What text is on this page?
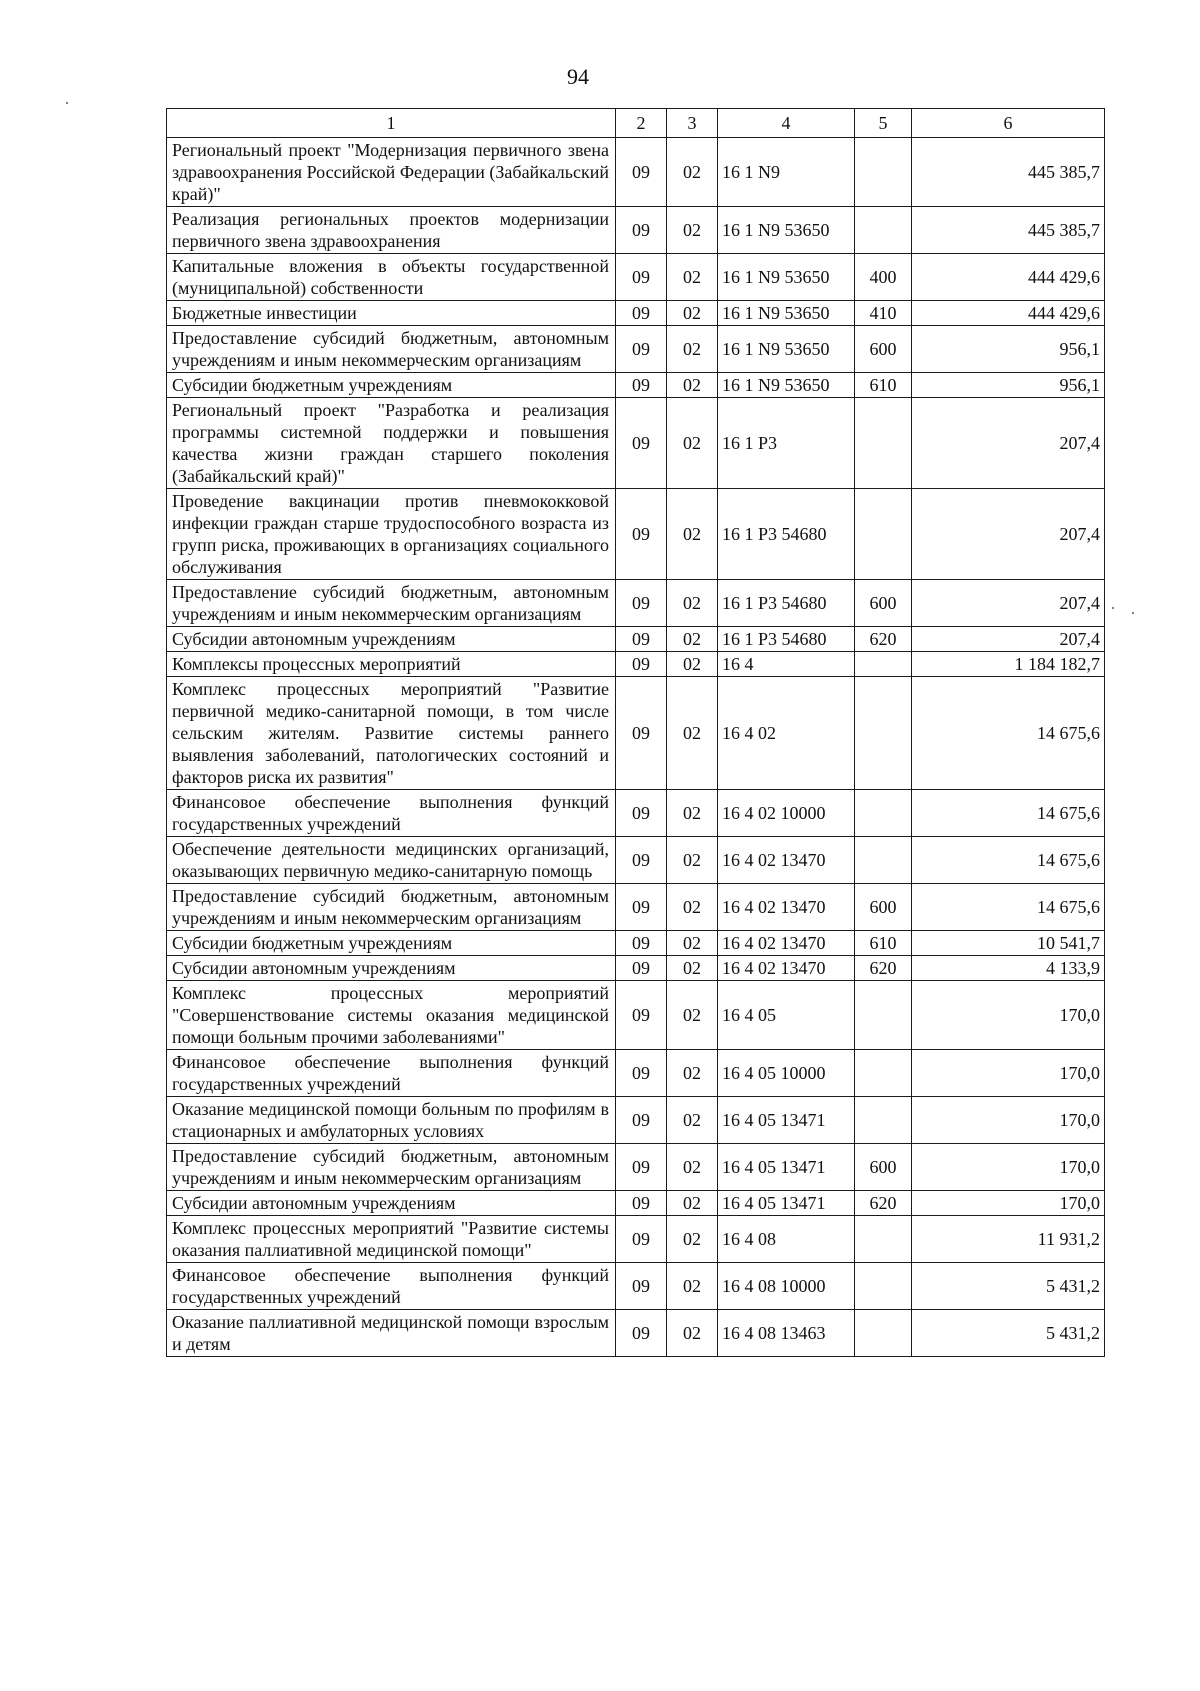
94
1	2	3	4	5	6
Региональный проект "Модернизация первичного звена здравоохранения Российской Федерации (Забайкальский край)"	09	02	16 1 N9		445 385,7
Реализация региональных проектов модернизации первичного звена здравоохранения	09	02	16 1 N9 53650		445 385,7
Капитальные вложения в объекты государственной (муниципальной) собственности	09	02	16 1 N9 53650	400	444 429,6
Бюджетные инвестиции	09	02	16 1 N9 53650	410	444 429,6
Предоставление субсидий бюджетным, автономным учреждениям и иным некоммерческим организациям	09	02	16 1 N9 53650	600	956,1
Субсидии бюджетным учреждениям	09	02	16 1 N9 53650	610	956,1
Региональный проект "Разработка и реализация программы системной поддержки и повышения качества жизни граждан старшего поколения (Забайкальский край)"	09	02	16 1 P3		207,4
Проведение вакцинации против пневмококковой инфекции граждан старше трудоспособного возраста из групп риска, проживающих в организациях социального обслуживания	09	02	16 1 P3 54680		207,4
Предоставление субсидий бюджетным, автономным учреждениям и иным некоммерческим организациям	09	02	16 1 P3 54680	600	207,4
Субсидии автономным учреждениям	09	02	16 1 P3 54680	620	207,4
Комплексы процессных мероприятий	09	02	16 4		1 184 182,7
Комплекс процессных мероприятий "Развитие первичной медико-санитарной помощи, в том числе сельским жителям. Развитие системы раннего выявления заболеваний, патологических состояний и факторов риска их развития"	09	02	16 4 02		14 675,6
Финансовое обеспечение выполнения функций государственных учреждений	09	02	16 4 02 10000		14 675,6
Обеспечение деятельности медицинских организаций, оказывающих первичную медико-санитарную помощь	09	02	16 4 02 13470		14 675,6
Предоставление субсидий бюджетным, автономным учреждениям и иным некоммерческим организациям	09	02	16 4 02 13470	600	14 675,6
Субсидии бюджетным учреждениям	09	02	16 4 02 13470	610	10 541,7
Субсидии автономным учреждениям	09	02	16 4 02 13470	620	4 133,9
Комплекс процессных мероприятий "Совершенствование системы оказания медицинской помощи больным прочими заболеваниями"	09	02	16 4 05		170,0
Финансовое обеспечение выполнения функций государственных учреждений	09	02	16 4 05 10000		170,0
Оказание медицинской помощи больным по профилям в стационарных и амбулаторных условиях	09	02	16 4 05 13471		170,0
Предоставление субсидий бюджетным, автономным учреждениям и иным некоммерческим организациям	09	02	16 4 05 13471	600	170,0
Субсидии автономным учреждениям	09	02	16 4 05 13471	620	170,0
Комплекс процессных мероприятий "Развитие системы оказания паллиативной медицинской помощи"	09	02	16 4 08		11 931,2
Финансовое обеспечение выполнения функций государственных учреждений	09	02	16 4 08 10000		5 431,2
Оказание паллиативной медицинской помощи взрослым и детям	09	02	16 4 08 13463		5 431,2
